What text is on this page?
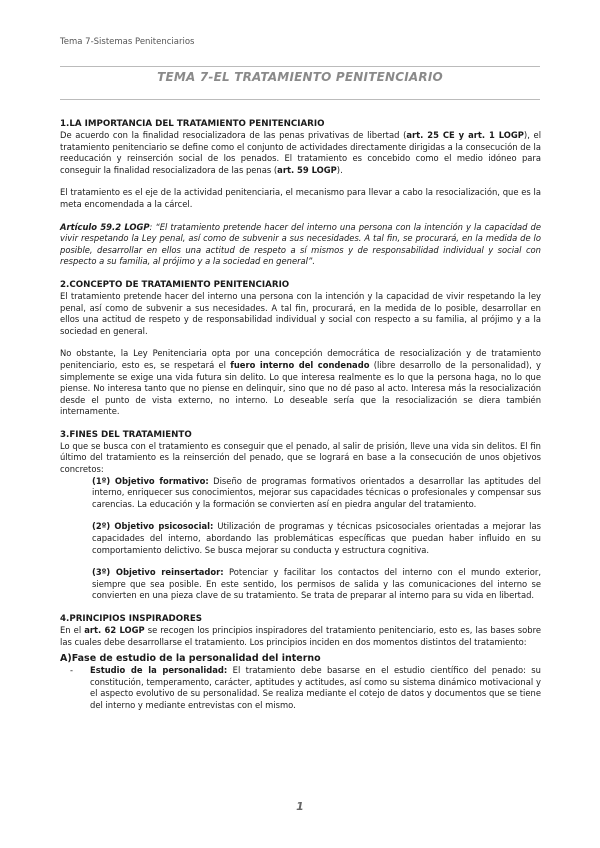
Tema 7-Sistemas Penitenciarios
TEMA 7-EL TRATAMIENTO PENITENCIARIO
1.LA IMPORTANCIA DEL TRATAMIENTO PENITENCIARIO

De acuerdo con la finalidad resocializadora de las penas privativas de libertad (art. 25 CE y art. 1 LOGP), el tratamiento penitenciario se define como el conjunto de actividades directamente dirigidas a la consecución de la reeducación y reinserción social de los penados. El tratamiento es concebido como el medio idóneo para conseguir la finalidad resocializadora de las penas (art. 59 LOGP).

El tratamiento es el eje de la actividad penitenciaria, el mecanismo para llevar a cabo la resocialización, que es la meta encomendada a la cárcel.

Artículo 59.2 LOGP: “El tratamiento pretende hacer del interno una persona con la intención y la capacidad de vivir respetando la Ley penal, así como de subvenir a sus necesidades. A tal fin, se procurará, en la medida de lo posible, desarrollar en ellos una actitud de respeto a sí mismos y de responsabilidad individual y social con respecto a su familia, al prójimo y a la sociedad en general”.

2.CONCEPTO DE TRATAMIENTO PENITENCIARIO

El tratamiento pretende hacer del interno una persona con la intención y la capacidad de vivir respetando la ley penal, así como de subvenir a sus necesidades. A tal fin, procurará, en la medida de lo posible, desarrollar en ellos una actitud de respeto y de responsabilidad individual y social con respecto a su familia, al prójimo y a la sociedad en general.

No obstante, la Ley Penitenciaria opta por una concepción democrática de resocialización y de tratamiento penitenciario, esto es, se respetará el fuero interno del condenado (libre desarrollo de la personalidad), y simplemente se exige una vida futura sin delito. Lo que interesa realmente es lo que la persona haga, no lo que piense. No interesa tanto que no piense en delinquir, sino que no dé paso al acto. Interesa más la resocialización desde el punto de vista externo, no interno. Lo deseable sería que la resocialización se diera también internamente.

3.FINES DEL TRATAMIENTO

Lo que se busca con el tratamiento es conseguir que el penado, al salir de prisión, lleve una vida sin delitos. El fin último del tratamiento es la reinserción del penado, que se logrará en base a la consecución de unos objetivos concretos:

(1º) Objetivo formativo: Diseño de programas formativos orientados a desarrollar las aptitudes del interno, enriquecer sus conocimientos, mejorar sus capacidades técnicas o profesionales y compensar sus carencias. La educación y la formación se convierten así en piedra angular del tratamiento.

(2º) Objetivo psicosocial: Utilización de programas y técnicas psicosociales orientadas a mejorar las capacidades del interno, abordando las problemáticas específicas que puedan haber influido en su comportamiento delictivo. Se busca mejorar su conducta y estructura cognitiva.

(3º) Objetivo reinsertador: Potenciar y facilitar los contactos del interno con el mundo exterior, siempre que sea posible. En este sentido, los permisos de salida y las comunicaciones del interno se convierten en una pieza clave de su tratamiento. Se trata de preparar al interno para su vida en libertad.

4.PRINCIPIOS INSPIRADORES

En el art. 62 LOGP se recogen los principios inspiradores del tratamiento penitenciario, esto es, las bases sobre las cuales debe desarrollarse el tratamiento. Los principios inciden en dos momentos distintos del tratamiento:

A)Fase de estudio de la personalidad del interno
- Estudio de la personalidad: El tratamiento debe basarse en el estudio científico del penado: su constitución, temperamento, carácter, aptitudes y actitudes, así como su sistema dinámico motivacional y el aspecto evolutivo de su personalidad. Se realiza mediante el cotejo de datos y documentos que se tiene del interno y mediante entrevistas con el mismo.
1
